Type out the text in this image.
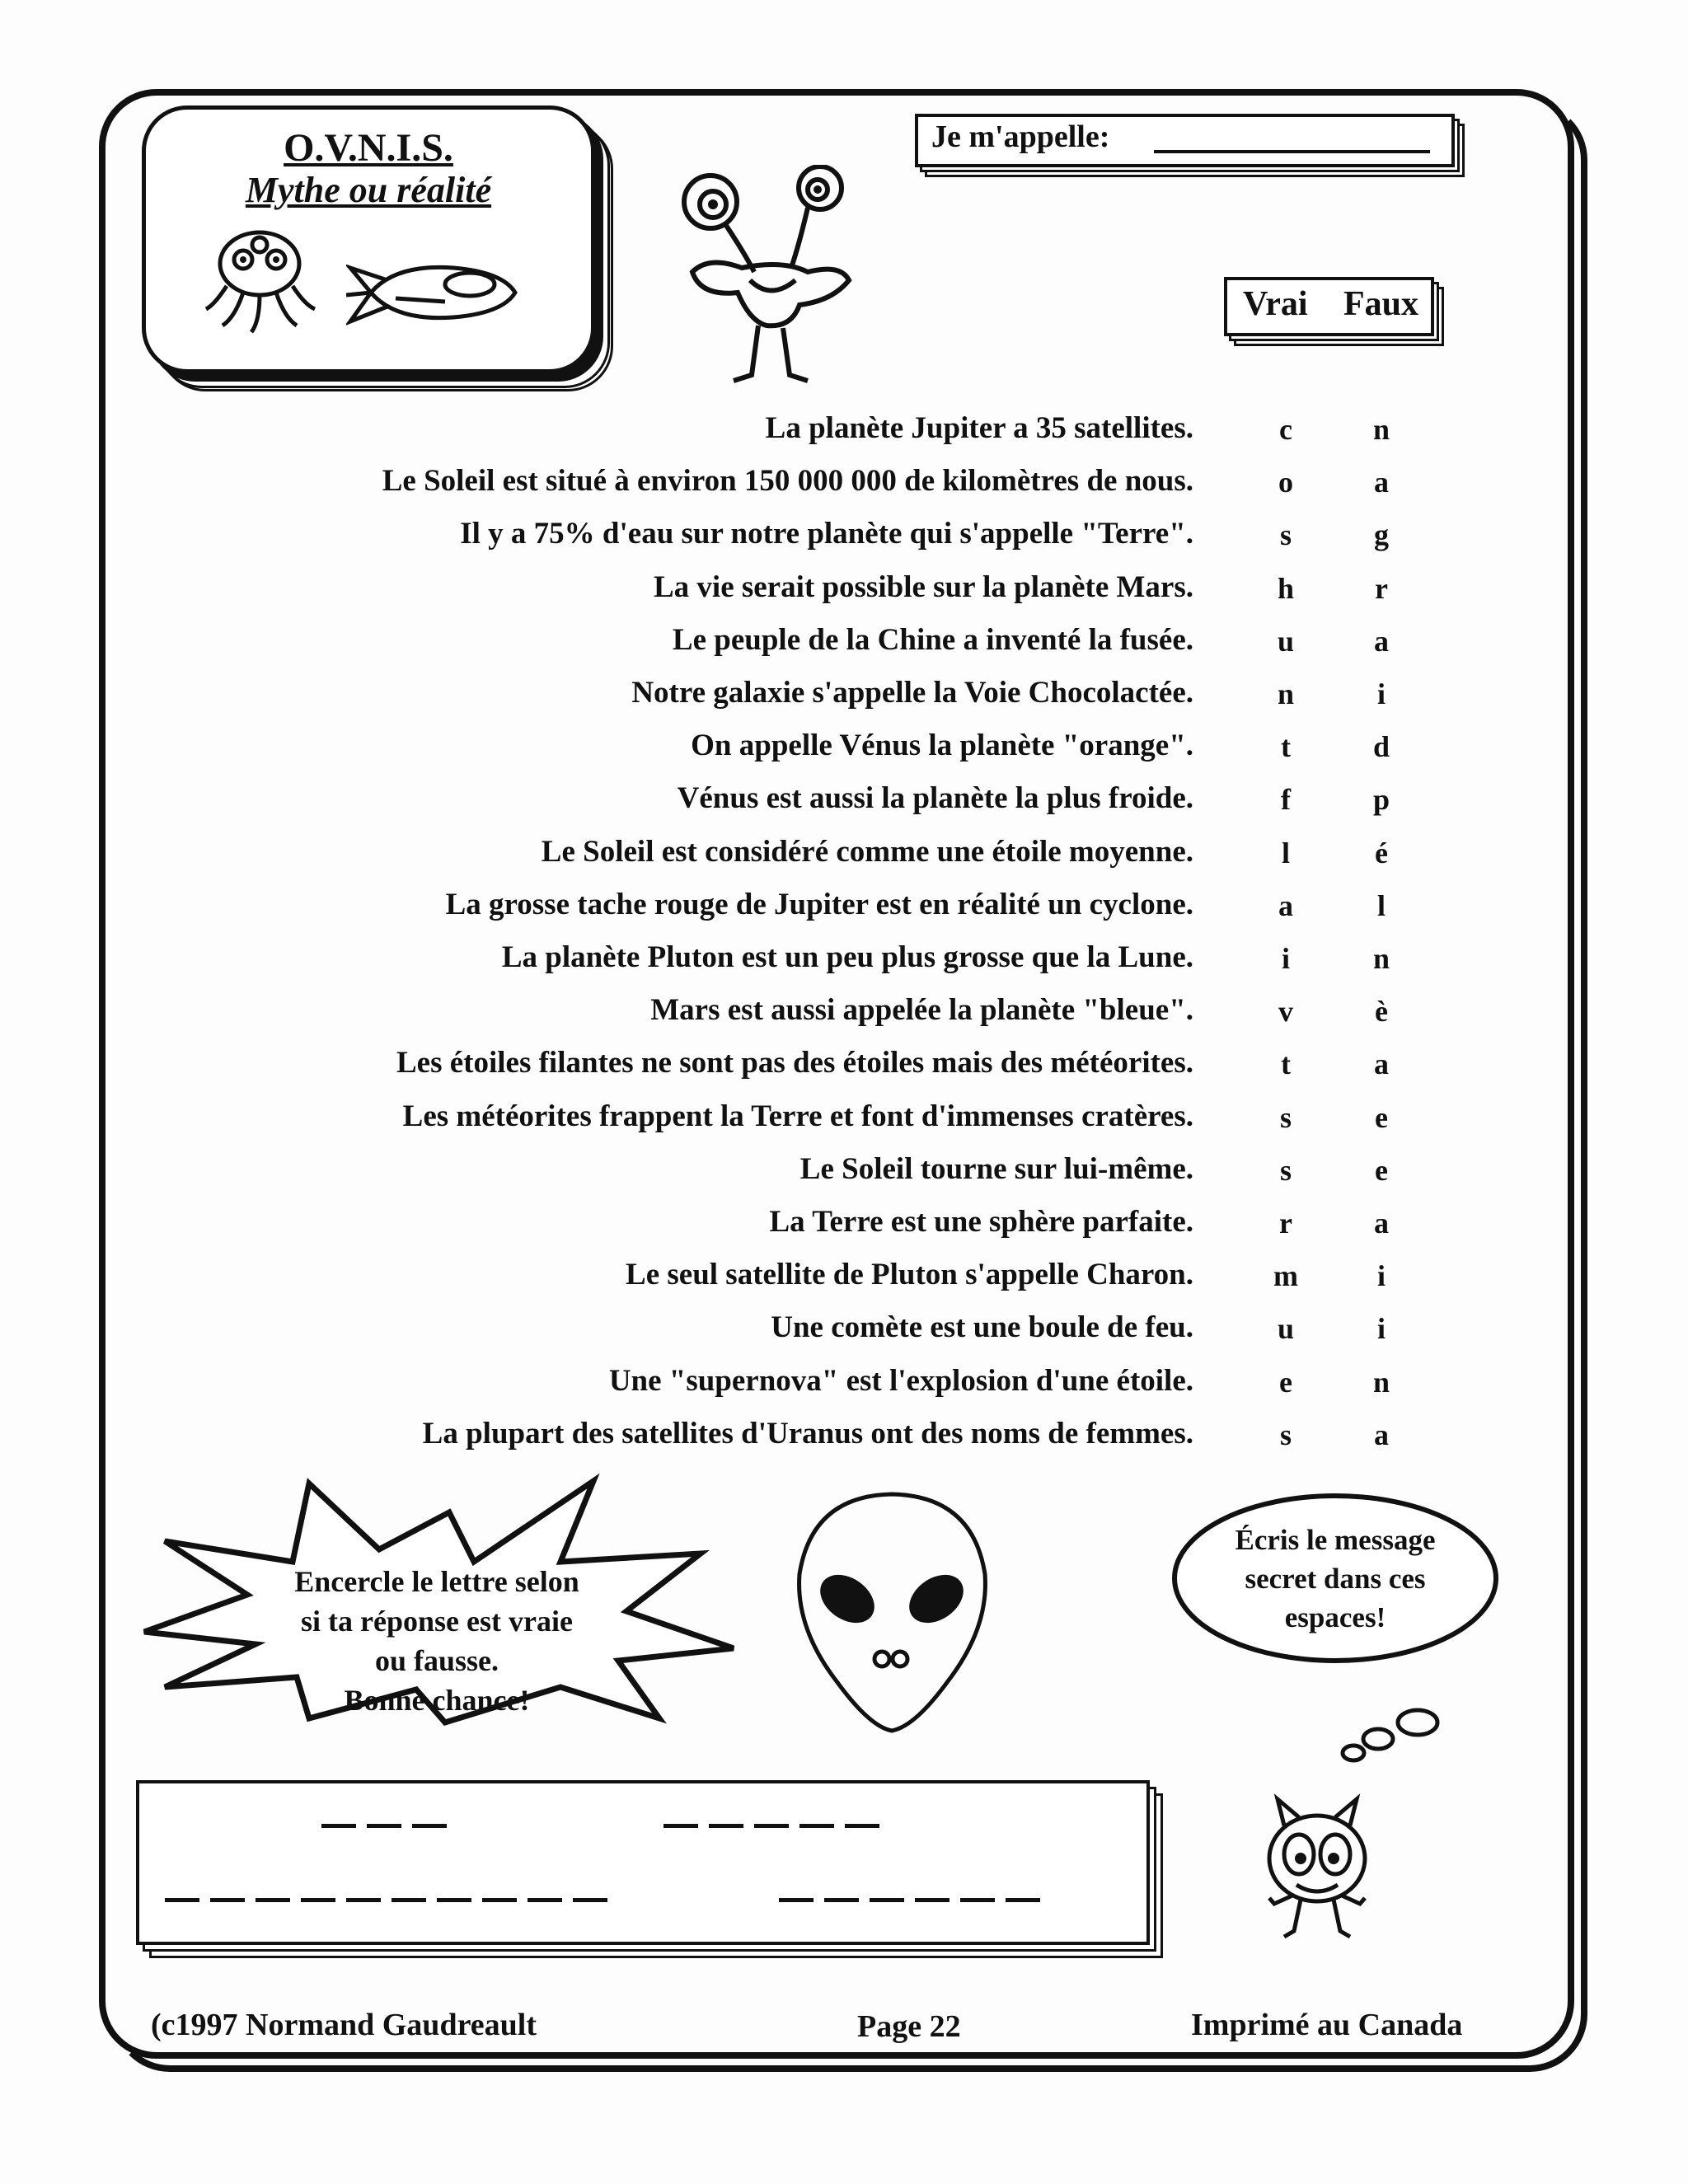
O.V.N.I.S.
Mythe ou réalité
Je m'appelle:
Vrai Faux
La planète Jupiter a 35 satellites.	c	n
Le Soleil est situé à environ 150 000 000 de kilomètres de nous.	o	a
Il y a 75% d'eau sur notre planète qui s'appelle "Terre".	s	g
La vie serait possible sur la planète Mars.	h	r
Le peuple de la Chine a inventé la fusée.	u	a
Notre galaxie s'appelle la Voie Chocolactée.	n	i
On appelle Vénus la planète "orange".	t	d
Vénus est aussi la planète la plus froide.	f	p
Le Soleil est considéré comme une étoile moyenne.	l	é
La grosse tache rouge de Jupiter est en réalité un cyclone.	a	l
La planète Pluton est un peu plus grosse que la Lune.	i	n
Mars est aussi appelée la planète "bleue".	v	è
Les étoiles filantes ne sont pas des étoiles mais des météorites.	t	a
Les météorites frappent la Terre et font d'immenses cratères.	s	e
Le Soleil tourne sur lui-même.	s	e
La Terre est une sphère parfaite.	r	a
Le seul satellite de Pluton s'appelle Charon.	m	i
Une comète est une boule de feu.	u	i
Une "supernova" est l'explosion d'une étoile.	e	n
La plupart des satellites d'Uranus ont des noms de femmes.	s	a
Encercle le lettre selon
si ta réponse est vraie
ou fausse.
Bonne chance!
Écris le message
secret dans ces
espaces!
(c1997 Normand Gaudreault	Page 22	Imprimé au Canada
